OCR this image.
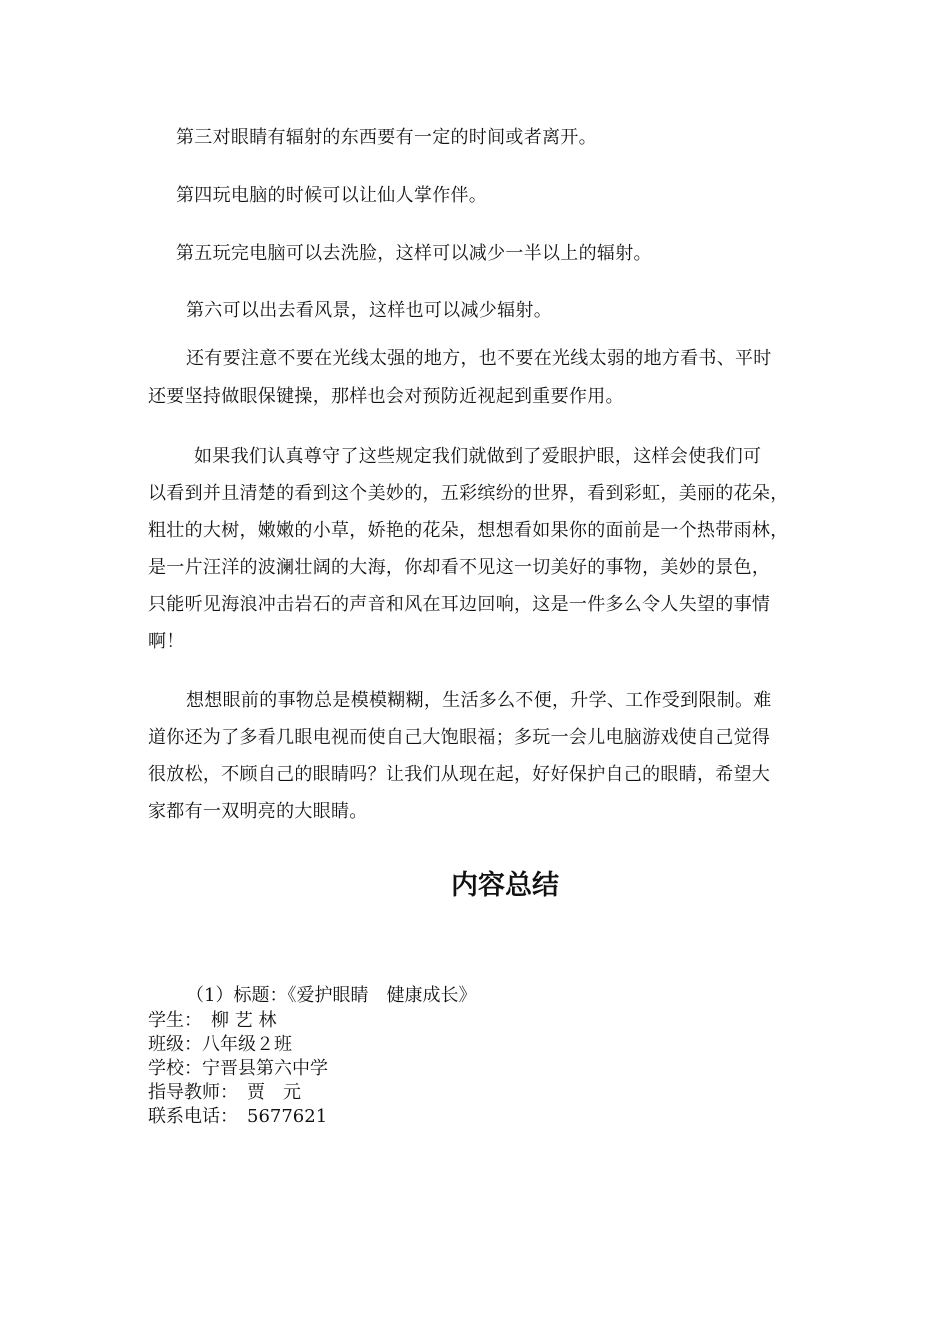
第三对眼睛有辐射的东西要有一定的时间或者离开。
第四玩电脑的时候可以让仙人掌作伴。
第五玩完电脑可以去洗脸，这样可以减少一半以上的辐射。
第六可以出去看风景，这样也可以减少辐射。
还有要注意不要在光线太强的地方，也不要在光线太弱的地方看书、平时
还要坚持做眼保键操，那样也会对预防近视起到重要作用。
如果我们认真尊守了这些规定我们就做到了爱眼护眼，这样会使我们可
以看到并且清楚的看到这个美妙的，五彩缤纷的世界，看到彩虹，美丽的花朵，
粗壮的大树，嫩嫩的小草，娇艳的花朵，想想看如果你的面前是一个热带雨林，
是一片汪洋的波澜壮阔的大海，你却看不见这一切美好的事物，美妙的景色，
只能听见海浪冲击岩石的声音和风在耳边回响，这是一件多么令人失望的事情
啊！
想想眼前的事物总是模模糊糊，生活多么不便，升学、工作受到限制。难
道你还为了多看几眼电视而使自己大饱眼福；多玩一会儿电脑游戏使自己觉得
很放松，不顾自己的眼睛吗？让我们从现在起，好好保护自己的眼睛，希望大
家都有一双明亮的大眼睛。
内容总结
（1）标题：《爱护眼睛　健康成长》
学生：　柳 艺 林
班级：八年级２班
学校：宁晋县第六中学
指导教师：　贾　元
联系电话：　5677621
